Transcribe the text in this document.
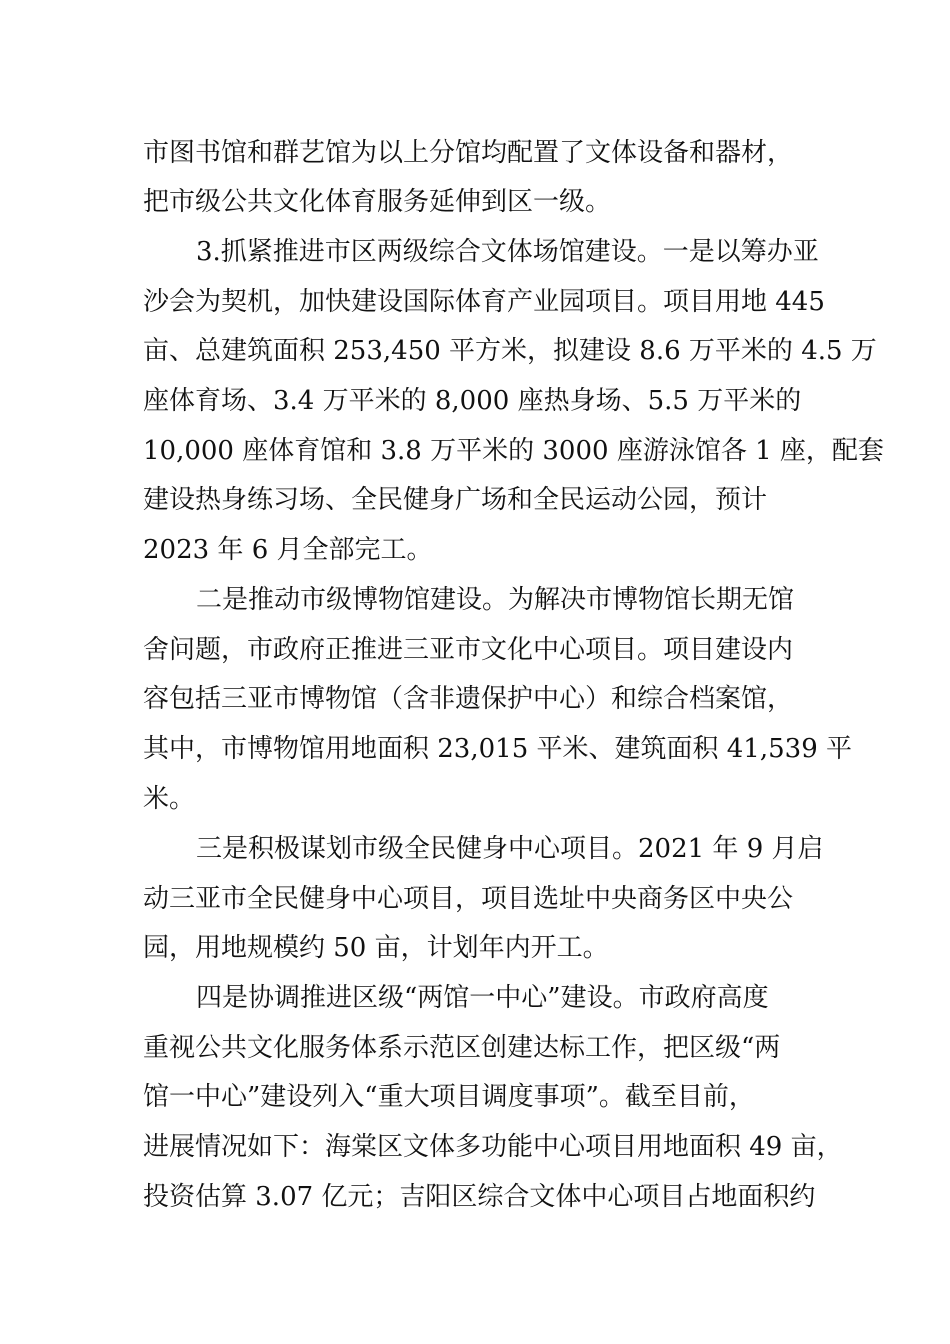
市图书馆和群艺馆为以上分馆均配置了文体设备和器材，
把市级公共文化体育服务延伸到区一级。
3.抓紧推进市区两级综合文体场馆建设。一是以筹办亚
沙会为契机，加快建设国际体育产业园项目。项目用地 445
亩、总建筑面积 253,450 平方米，拟建设 8.6 万平米的 4.5 万
座体育场、3.4 万平米的 8,000 座热身场、5.5 万平米的
10,000 座体育馆和 3.8 万平米的 3000 座游泳馆各 1 座，配套
建设热身练习场、全民健身广场和全民运动公园，预计
2023 年 6 月全部完工。
二是推动市级博物馆建设。为解决市博物馆长期无馆
舍问题，市政府正推进三亚市文化中心项目。项目建设内
容包括三亚市博物馆（含非遗保护中心）和综合档案馆，
其中，市博物馆用地面积 23,015 平米、建筑面积 41,539 平
米。
三是积极谋划市级全民健身中心项目。2021 年 9 月启
动三亚市全民健身中心项目，项目选址中央商务区中央公
园，用地规模约 50 亩，计划年内开工。
四是协调推进区级“两馆一中心”建设。市政府高度
重视公共文化服务体系示范区创建达标工作，把区级“两
馆一中心”建设列入“重大项目调度事项”。截至目前，
进展情况如下：海棠区文体多功能中心项目用地面积 49 亩，
投资估算 3.07 亿元；吉阳区综合文体中心项目占地面积约
